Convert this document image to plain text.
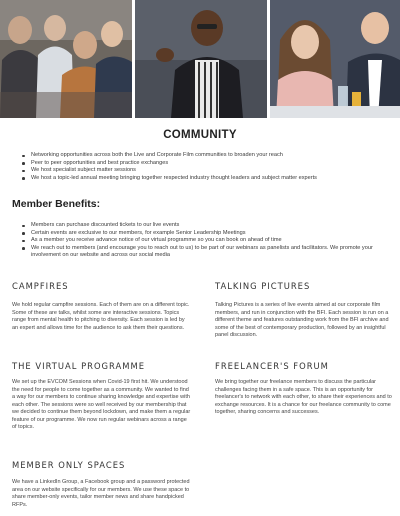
COMMUNITY
Networking opportunities across both the Live and Corporate Film communities to broaden your reach
Peer to peer opportunities and best practice exchanges
We host specialist subject matter sessions
We host a topic-led annual meeting bringing together respected industry thought leaders and subject matter experts
Member Benefits:
Members can purchase discounted tickets to our live events
Certain events are exclusive to our members, for example Senior Leadership Meetings
As a member you receive advance notice of our virtual programme so you can book on ahead of time
We reach out to members (and encourage you to reach out to us) to be part of our webinars as panelists and facilitators. We promote your involvement on our website and across our social media
CAMPFIRES
We hold regular campfire sessions. Each of them are on a different topic. Some of these are talks, whilst some are interactive sessions. Topics range from mental health to pitching to diversity. Each session is led by an expert and allows time for the audience to ask them their questions.
TALKING PICTURES
Talking Pictures is a series of live events aimed at our corporate film members, and run in conjunction with the BFI. Each session is run on a different theme and features outstanding work from the BFI archive and some of the best of contemporary production, followed by an insightful panel discussion.
THE VIRTUAL PROGRAMME
We set up the EVCOM Sessions when Covid-19 first hit. We understood the need for people to come together as a community. We wanted to find a way for our members to continue sharing knowledge and expertise with each other. The sessions were so well received by our membership that we decided to continue them beyond lockdown, and make them a regular feature of our programme. We now run regular webinars across a range of topics.
FREELANCER'S FORUM
We bring together our freelance members to discuss the particular challenges facing them in a safe space. This is an opportunity for freelancer's to network with each other, to share their experiences and to exchange resources. It is a chance for our freelance community to come together, sharing concerns and successes.
MEMBER ONLY SPACES
We have a LinkedIn Group, a Facebook group and a password protected area on our website specifically for our members. We use these space to share member-only events, tailor member news and share handpicked RFPs.
